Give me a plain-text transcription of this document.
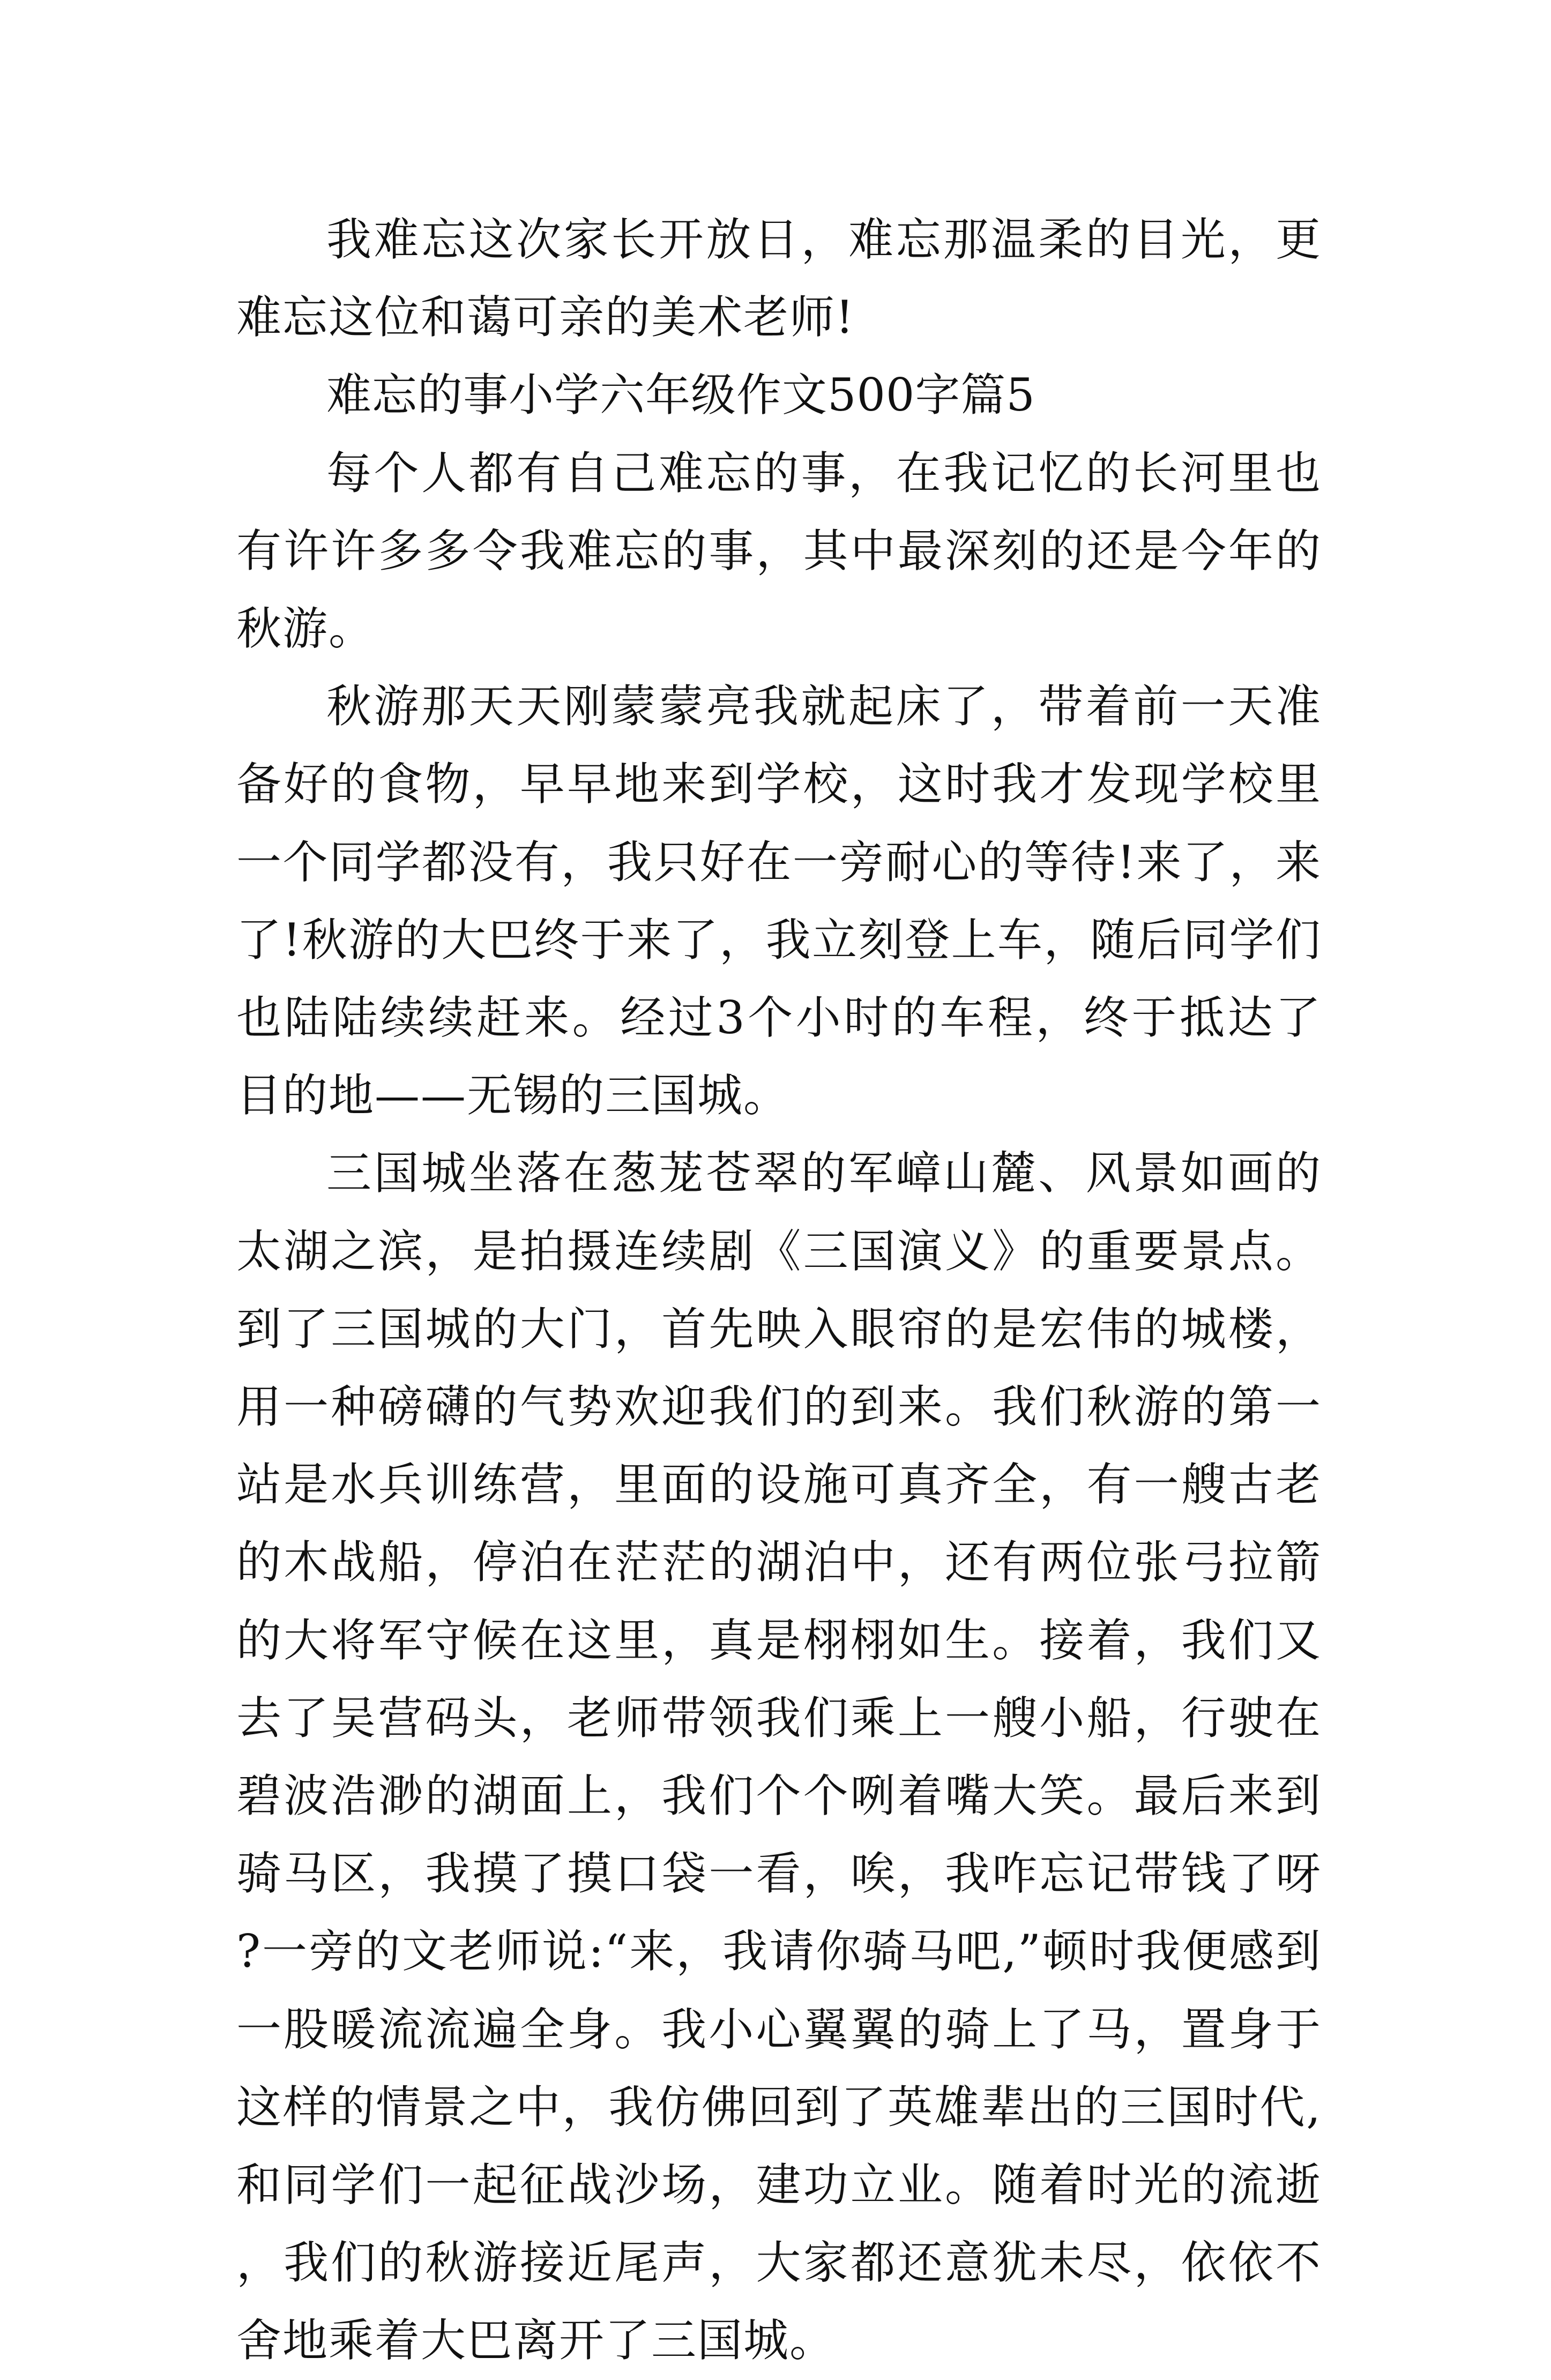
我难忘这次家长开放日，难忘那温柔的目光，更难忘这位和蔼可亲的美术老师!

难忘的事小学六年级作文500字篇5

每个人都有自己难忘的事，在我记忆的长河里也有许许多多令我难忘的事，其中最深刻的还是今年的秋游。

秋游那天天刚蒙蒙亮我就起床了，带着前一天准备好的食物，早早地来到学校，这时我才发现学校里一个同学都没有，我只好在一旁耐心的等待!来了，来了!秋游的大巴终于来了，我立刻登上车，随后同学们也陆陆续续赶来。经过3个小时的车程，终于抵达了目的地——无锡的三国城。

三国城坐落在葱茏苍翠的军嶂山麓、风景如画的太湖之滨，是拍摄连续剧《三国演义》的重要景点。到了三国城的大门，首先映入眼帘的是宏伟的城楼，用一种磅礴的气势欢迎我们的到来。我们秋游的第一站是水兵训练营，里面的设施可真齐全，有一艘古老的木战船，停泊在茫茫的湖泊中，还有两位张弓拉箭的大将军守候在这里，真是栩栩如生。接着，我们又去了吴营码头，老师带领我们乘上一艘小船，行驶在碧波浩渺的湖面上，我们个个咧着嘴大笑。最后来到骑马区，我摸了摸口袋一看，唉，我咋忘记带钱了呀?一旁的文老师说:“来，我请你骑马吧,”顿时我便感到一股暖流流遍全身。我小心翼翼的骑上了马，置身于这样的情景之中，我仿佛回到了英雄辈出的三国时代,和同学们一起征战沙场，建功立业。随着时光的流逝，我们的秋游接近尾声，大家都还意犹未尽，依依不舍地乘着大巴离开了三国城。
